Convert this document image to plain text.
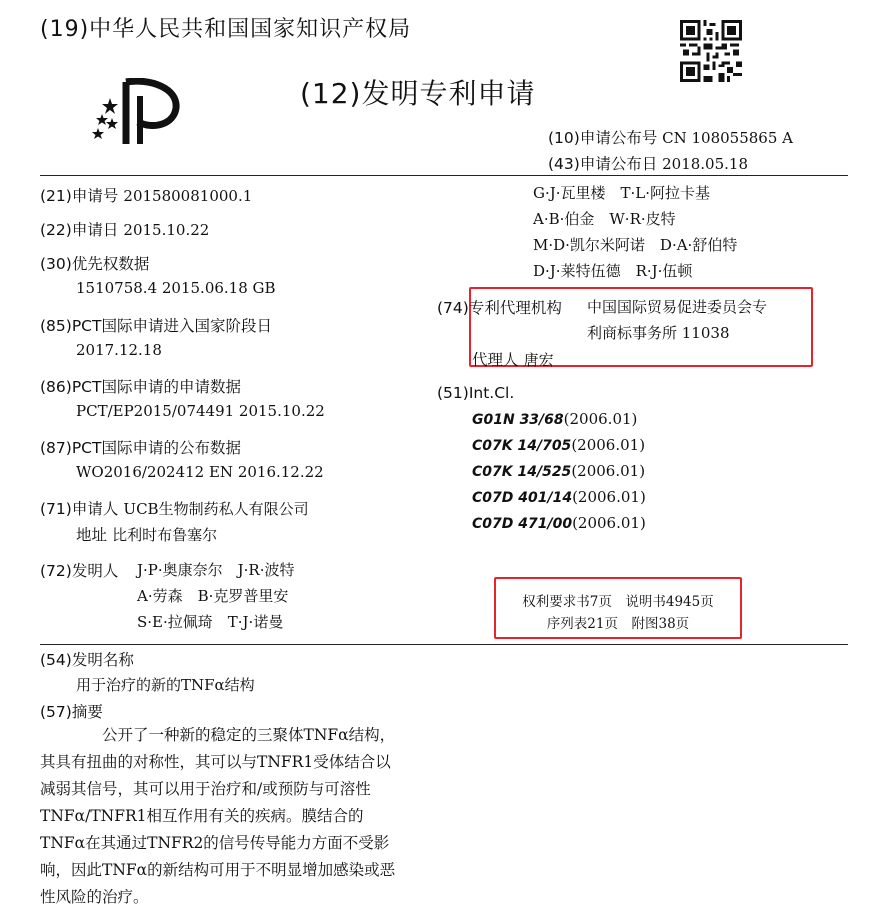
(19)中华人民共和国国家知识产权局
(12)发明专利申请
(10)申请公布号 CN 108055865 A
(43)申请公布日 2018.05.18
(21)申请号 201580081000.1
(22)申请日 2015.10.22
(30)优先权数据
1510758.4 2015.06.18 GB
(85)PCT国际申请进入国家阶段日
2017.12.18
(86)PCT国际申请的申请数据
PCT/EP2015/074491 2015.10.22
(87)PCT国际申请的公布数据
WO2016/202412 EN 2016.12.22
(71)申请人 UCB生物制药私人有限公司
地址 比利时布鲁塞尔
(72)发明人 J·P·奥康奈尔　J·R·波特
A·劳森　B·克罗普里安
S·E·拉佩琦　T·J·诺曼
G·J·瓦里楼　T·L·阿拉卡基
A·B·伯金　W·R·皮特
M·D·凯尔米阿诺　D·A·舒伯特
D·J·莱特伍德　R·J·伍顿
(74)专利代理机构 中国国际贸易促进委员会专
利商标事务所 11038
代理人 唐宏
(51)Int.Cl.
G01N 33/68(2006.01)
C07K 14/705(2006.01)
C07K 14/525(2006.01)
C07D 401/14(2006.01)
C07D 471/00(2006.01)
权利要求书7页　说明书4945页
序列表21页　附图38页
(54)发明名称
用于治疗的新的TNFα结构
(57)摘要
公开了一种新的稳定的三聚体TNFα结构，其具有扭曲的对称性，其可以与TNFR1受体结合以减弱其信号，其可以用于治疗和/或预防与可溶性TNFα/TNFR1相互作用有关的疾病。膜结合的TNFα在其通过TNFR2的信号传导能力方面不受影响，因此TNFα的新结构可用于不明显增加感染或恶性风险的治疗。
